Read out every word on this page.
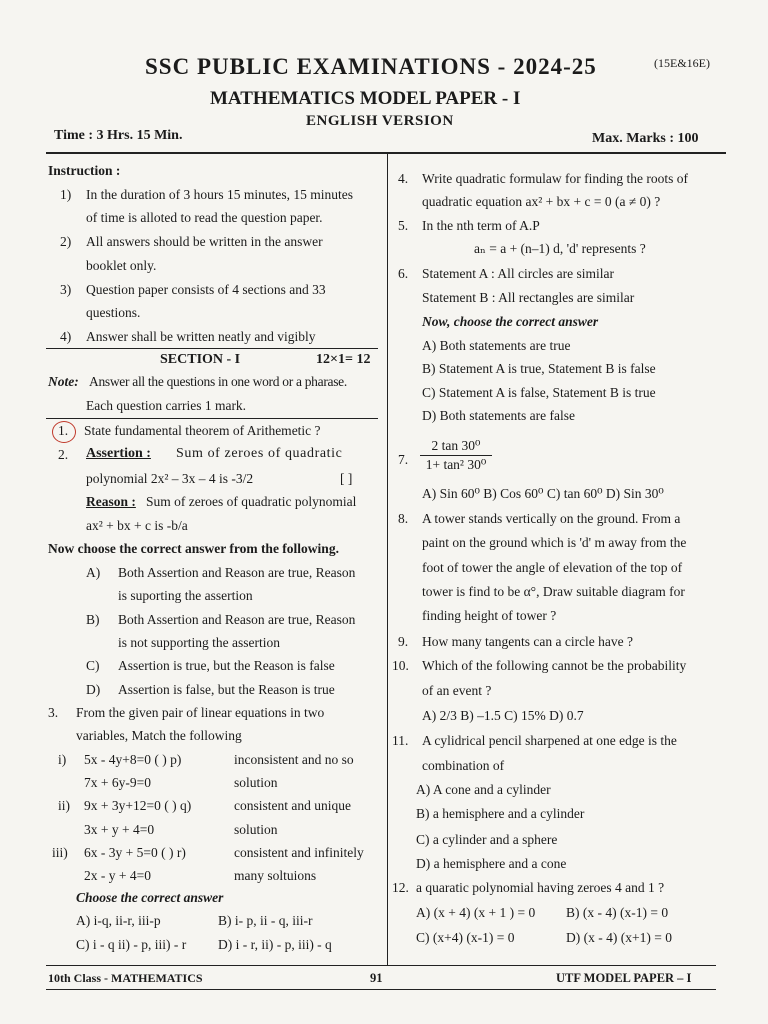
SSC PUBLIC EXAMINATIONS - 2024-25	(15E&16E)
MATHEMATICS MODEL PAPER - I
ENGLISH VERSION
Time : 3 Hrs. 15 Min.	Max. Marks : 100
Instruction :
1) In the duration of 3 hours 15 minutes, 15 minutes
of time is alloted to read the question paper.
2) All answers should be written in the answer
booklet only.
3) Question paper consists of 4 sections and 33
questions.
4) Answer shall be written neatly and vigibly
SECTION - I	12×1= 12
Note: Answer all the questions in one word or a pharase.
Each question carries 1 mark.
1. State fundamental theorem of Arithemetic ?
2. Assertion : Sum of zeroes of quadratic
polynomial 2x² – 3x – 4 is -3/2	[ ]
Reason : Sum of zeroes of quadratic polynomial
ax² + bx + c is -b/a
Now choose the correct answer from the following.
A) Both Assertion and Reason are true, Reason
is suporting the assertion
B) Both Assertion and Reason are true, Reason
is not supporting the assertion
C) Assertion is true, but the Reason is false
D) Assertion is false, but the Reason is true
3. From the given pair of linear equations in two
variables, Match the following
i) 5x - 4y+8=0 ( ) p)	inconsistent and no so
7x + 6y-9=0	solution
ii) 9x + 3y+12=0 ( ) q)	consistent and unique
3x + y + 4=0	solution
iii) 6x - 3y + 5=0 ( ) r)	consistent and infinitely
2x - y + 4=0	many soltuions
Choose the correct answer
A) i-q, ii-r, iii-p	B) i- p, ii - q, iii-r
C) i - q ii) - p, iii) - r D) i - r, ii) - p, iii) - q
4. Write quadratic formulaw for finding the roots of
quadratic equation ax² + bx + c = 0 (a ≠ 0) ?
5. In the nth term of A.P
aₙ = a + (n–1) d, 'd' represents ?
6. Statement A : All circles are similar
Statement B : All rectangles are similar
Now, choose the correct answer
A) Both statements are true
B) Statement A is true, Statement B is false
C) Statement A is false, Statement B is true
D) Both statements are false
7.
2 tan 30⁰
1+ tan² 30⁰
A) Sin 60⁰ B) Cos 60⁰ C) tan 60⁰ D) Sin 30⁰
8. A tower stands vertically on the ground. From a
paint on the ground which is 'd' m away from the
foot of tower the angle of elevation of the top of
tower is find to be α°, Draw suitable diagram for
finding height of tower ?
9. How many tangents can a circle have ?
10. Which of the following cannot be the probability
of an event ?
A) 2/3 B) –1.5 C) 15% D) 0.7
11. A cylidrical pencil sharpened at one edge is the
combination of
A) A cone and a cylinder
B) a hemisphere and a cylinder
C) a cylinder and a sphere
D) a hemisphere and a cone
12. a quaratic polynomial having zeroes 4 and 1 ?
A) (x + 4) (x + 1 ) = 0 B) (x - 4) (x-1) = 0
C) (x+4) (x-1) = 0	D) (x - 4) (x+1) = 0
10th Class - MATHEMATICS	91	UTF MODEL PAPER – I
